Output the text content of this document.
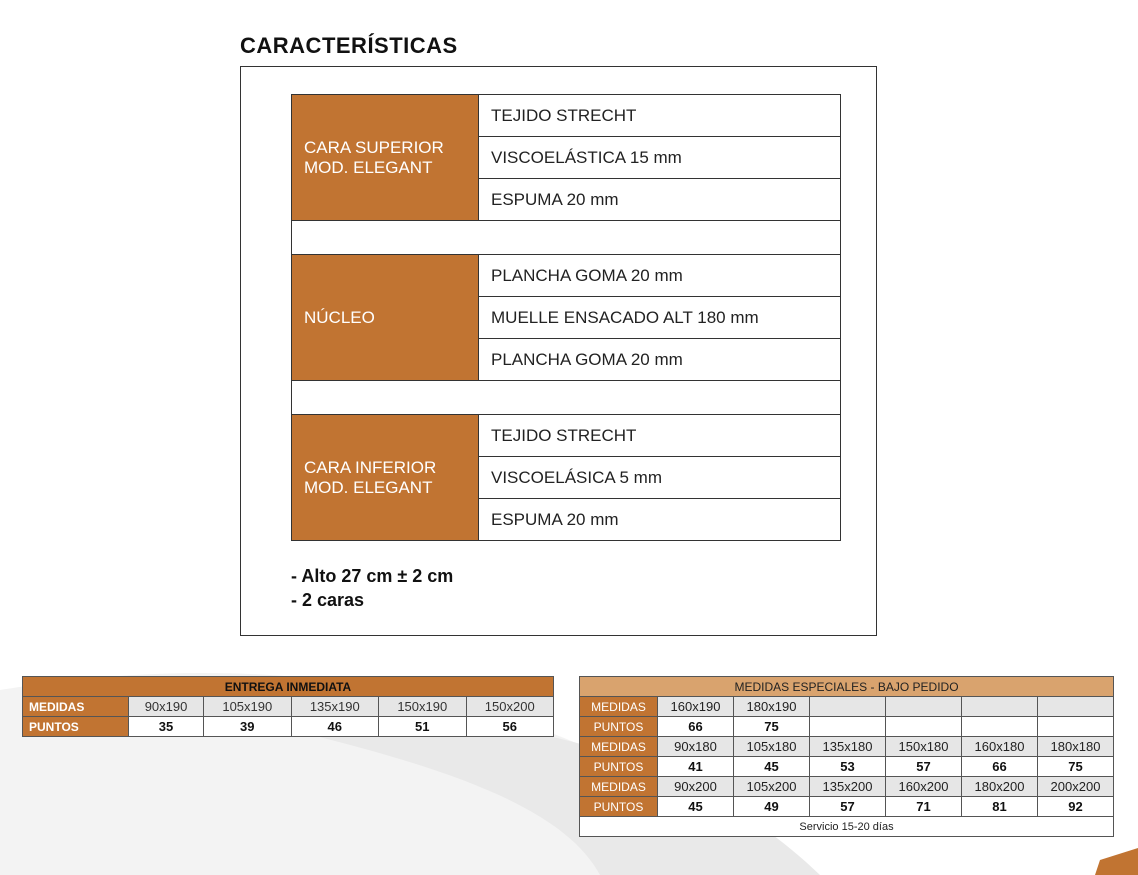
CARACTERÍSTICAS
CARA SUPERIOR MOD. ELEGANT	TEJIDO STRECHT
	VISCOELÁSTICA 15 mm
	ESPUMA 20 mm

NÚCLEO	PLANCHA GOMA 20 mm
	MUELLE ENSACADO ALT 180 mm
	PLANCHA GOMA 20 mm

CARA INFERIOR MOD. ELEGANT	TEJIDO STRECHT
	VISCOELÁSICA 5 mm
	ESPUMA 20 mm
- Alto 27 cm ± 2 cm
- 2 caras
ENTREGA INMEDIATA					
MEDIDAS	90x190	105x190	135x190	150x190	150x200
PUNTOS	35	39	46	51	56
MEDIDAS ESPECIALES - BAJO PEDIDO						
MEDIDAS	160x190	180x190				
PUNTOS	66	75				
MEDIDAS	90x180	105x180	135x180	150x180	160x180	180x180
PUNTOS	41	45	53	57	66	75
MEDIDAS	90x200	105x200	135x200	160x200	180x200	200x200
PUNTOS	45	49	57	71	81	92
Servicio 15-20 días						
